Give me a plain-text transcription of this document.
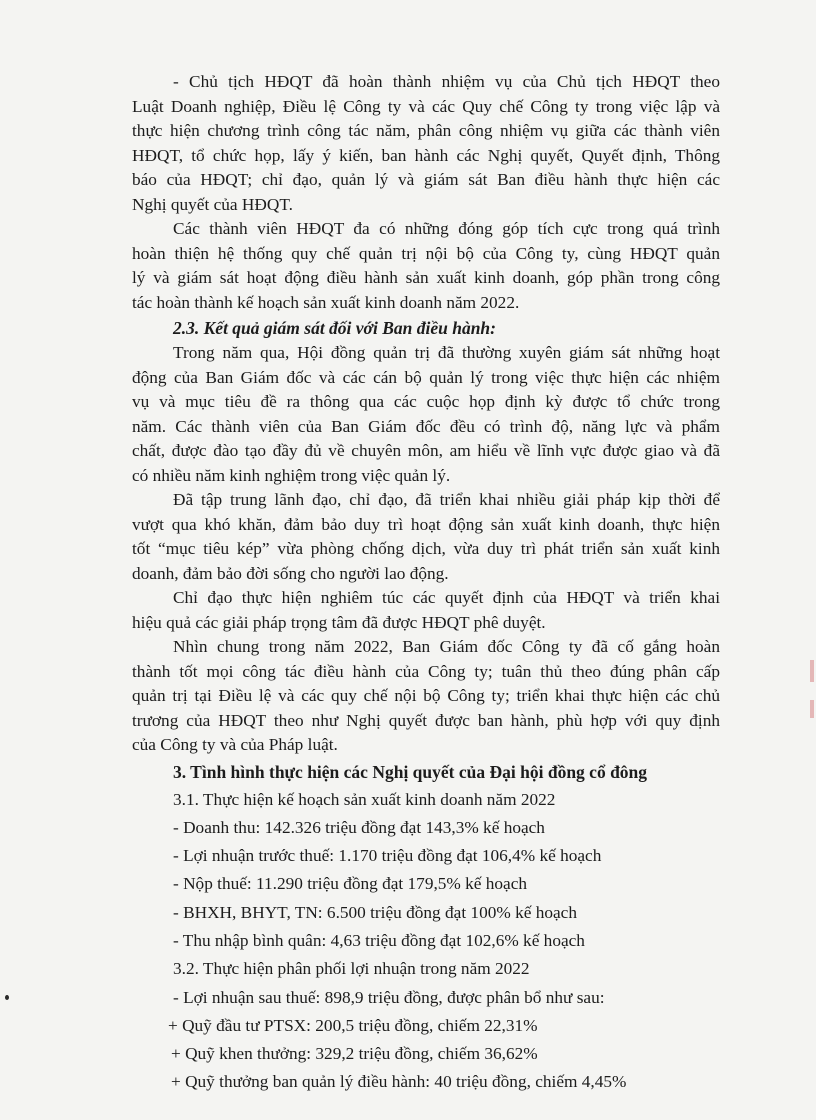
- Chủ tịch HĐQT đã hoàn thành nhiệm vụ của Chủ tịch HĐQT theo
Luật Doanh nghiệp, Điều lệ Công ty và các Quy chế Công ty trong việc lập và
thực hiện chương trình công tác năm, phân công nhiệm vụ giữa các thành viên
HĐQT, tổ chức họp, lấy ý kiến, ban hành các Nghị quyết, Quyết định, Thông
báo của HĐQT; chỉ đạo, quản lý và giám sát Ban điều hành thực hiện các
Nghị quyết của HĐQT.

Các thành viên HĐQT đa có những đóng góp tích cực trong quá trình
hoàn thiện hệ thống quy chế quản trị nội bộ của Công ty, cùng HĐQT quản
lý và giám sát hoạt động điều hành sản xuất kinh doanh, góp phần trong công
tác hoàn thành kế hoạch sản xuất kinh doanh năm 2022.

2.3. Kết quả giám sát đối với Ban điều hành:

Trong năm qua, Hội đồng quản trị đã thường xuyên giám sát những hoạt
động của Ban Giám đốc và các cán bộ quản lý trong việc thực hiện các nhiệm
vụ và mục tiêu đề ra thông qua các cuộc họp định kỳ được tổ chức trong
năm. Các thành viên của Ban Giám đốc đều có trình độ, năng lực và phẩm
chất, được đào tạo đầy đủ về chuyên môn, am hiểu về lĩnh vực được giao và đã
có nhiều năm kinh nghiệm trong việc quản lý.

Đã tập trung lãnh đạo, chỉ đạo, đã triển khai nhiều giải pháp kịp thời để
vượt qua khó khăn, đảm bảo duy trì hoạt động sản xuất kinh doanh, thực hiện
tốt “mục tiêu kép” vừa phòng chống dịch, vừa duy trì phát triển sản xuất kinh
doanh, đảm bảo đời sống cho người lao động.

Chỉ đạo thực hiện nghiêm túc các quyết định của HĐQT và triển khai
hiệu quả các giải pháp trọng tâm đã được HĐQT phê duyệt.

Nhìn chung trong năm 2022, Ban Giám đốc Công ty đã cố gắng hoàn
thành tốt mọi công tác điều hành của Công ty; tuân thủ theo đúng phân cấp
quản trị tại Điều lệ và các quy chế nội bộ Công ty; triển khai thực hiện các chủ
trương của HĐQT theo như Nghị quyết được ban hành, phù hợp với quy định
của Công ty và của Pháp luật.

3. Tình hình thực hiện các Nghị quyết của Đại hội đồng cổ đông

3.1. Thực hiện kế hoạch sản xuất kinh doanh năm 2022
- Doanh thu: 142.326 triệu đồng đạt 143,3% kế hoạch
- Lợi nhuận trước thuế: 1.170 triệu đồng đạt 106,4% kế hoạch
- Nộp thuế: 11.290 triệu đồng đạt 179,5% kế hoạch
- BHXH, BHYT, TN: 6.500 triệu đồng đạt 100% kế hoạch
- Thu nhập bình quân: 4,63 triệu đồng đạt 102,6% kế hoạch
3.2. Thực hiện phân phối lợi nhuận trong năm 2022
- Lợi nhuận sau thuế: 898,9 triệu đồng, được phân bổ như sau:
+ Quỹ đầu tư PTSX: 200,5 triệu đồng, chiếm 22,31%
+ Quỹ khen thưởng: 329,2 triệu đồng, chiếm 36,62%
+ Quỹ thưởng ban quản lý điều hành: 40 triệu đồng, chiếm 4,45%
